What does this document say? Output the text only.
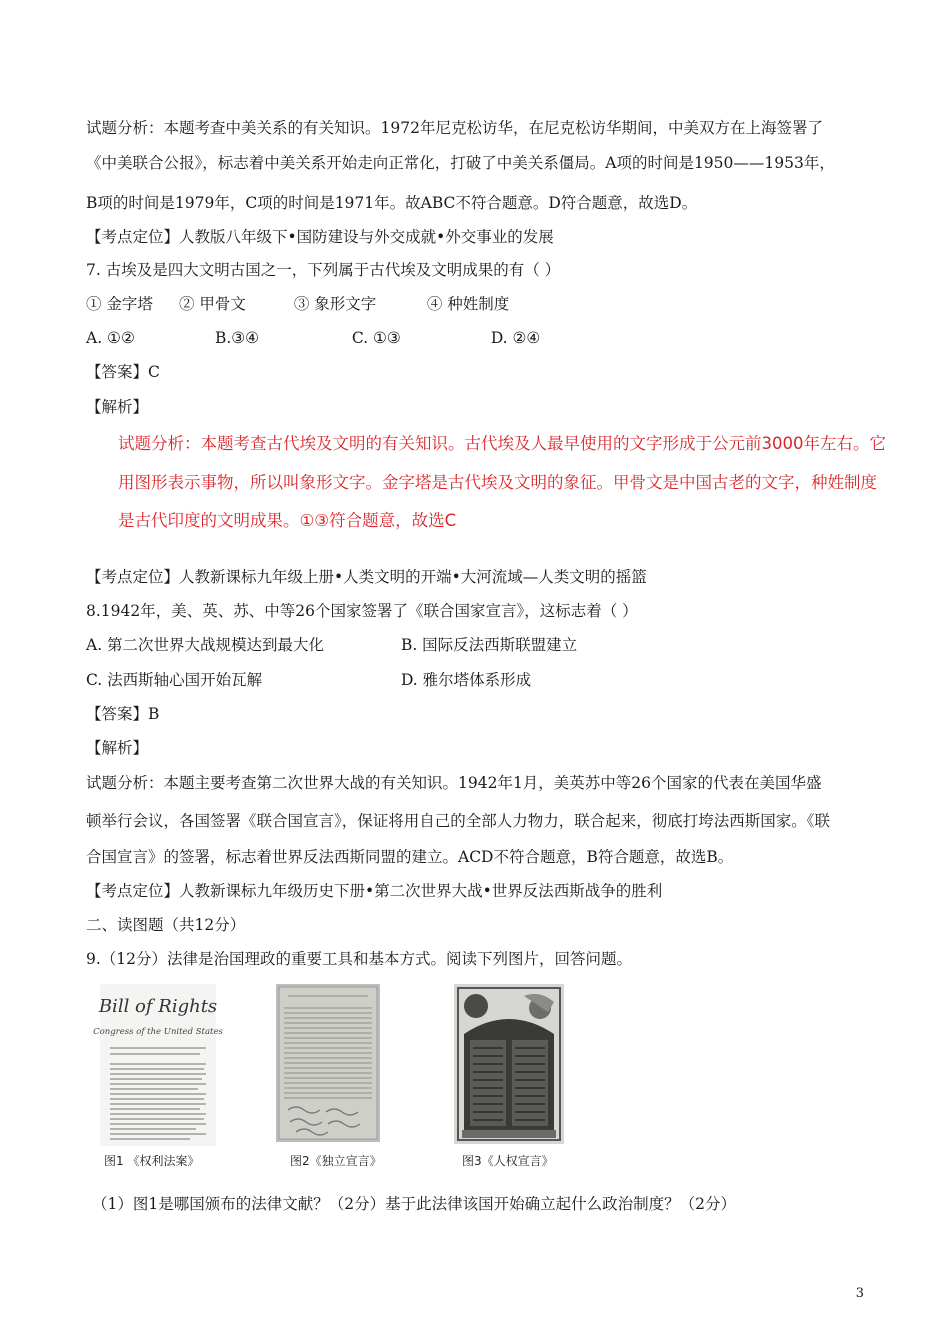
试题分析：本题考查中美关系的有关知识。1972年尼克松访华，在尼克松访华期间，中美双方在上海签署了
《中美联合公报》，标志着中美关系开始走向正常化，打破了中美关系僵局。A项的时间是1950——1953年，
B项的时间是1979年，C项的时间是1971年。故ABC不符合题意。D符合题意，故选D。
【考点定位】人教版八年级下•国防建设与外交成就•外交事业的发展
7. 古埃及是四大文明古国之一，下列属于古代埃及文明成果的有（ ）
① 金字塔 ② 甲骨文	③ 象形文字	④ 种姓制度
A. ①②	B.③④	C. ①③	D. ②④
【答案】C
【解析】
试题分析：本题考查古代埃及文明的有关知识。古代埃及人最早使用的文字形成于公元前3000年左右。它
用图形表示事物，所以叫象形文字。金字塔是古代埃及文明的象征。甲骨文是中国古老的文字，种姓制度
是古代印度的文明成果。①③符合题意，故选C
【考点定位】人教新课标九年级上册•人类文明的开端•大河流域—人类文明的摇篮
8.1942年，美、英、苏、中等26个国家签署了《联合国家宣言》，这标志着（ ）
A. 第二次世界大战规模达到最大化	B. 国际反法西斯联盟建立
C. 法西斯轴心国开始瓦解	D. 雅尔塔体系形成
【答案】B
【解析】
试题分析：本题主要考查第二次世界大战的有关知识。1942年1月，美英苏中等26个国家的代表在美国华盛
顿举行会议，各国签署《联合国宣言》，保证将用自己的全部人力物力，联合起来，彻底打垮法西斯国家。《联
合国宣言》的签署，标志着世界反法西斯同盟的建立。ACD不符合题意，B符合题意，故选B。
【考点定位】人教新课标九年级历史下册•第二次世界大战•世界反法西斯战争的胜利
二、读图题（共12分）
9.（12分）法律是治国理政的重要工具和基本方式。阅读下列图片，回答问题。
Bill of Rights
Congress of the United States
图1 《权利法案》	图2《独立宣言》	图3《人权宣言》
（1）图1是哪国颁布的法律文献？（2分）基于此法律该国开始确立起什么政治制度？（2分）
3
